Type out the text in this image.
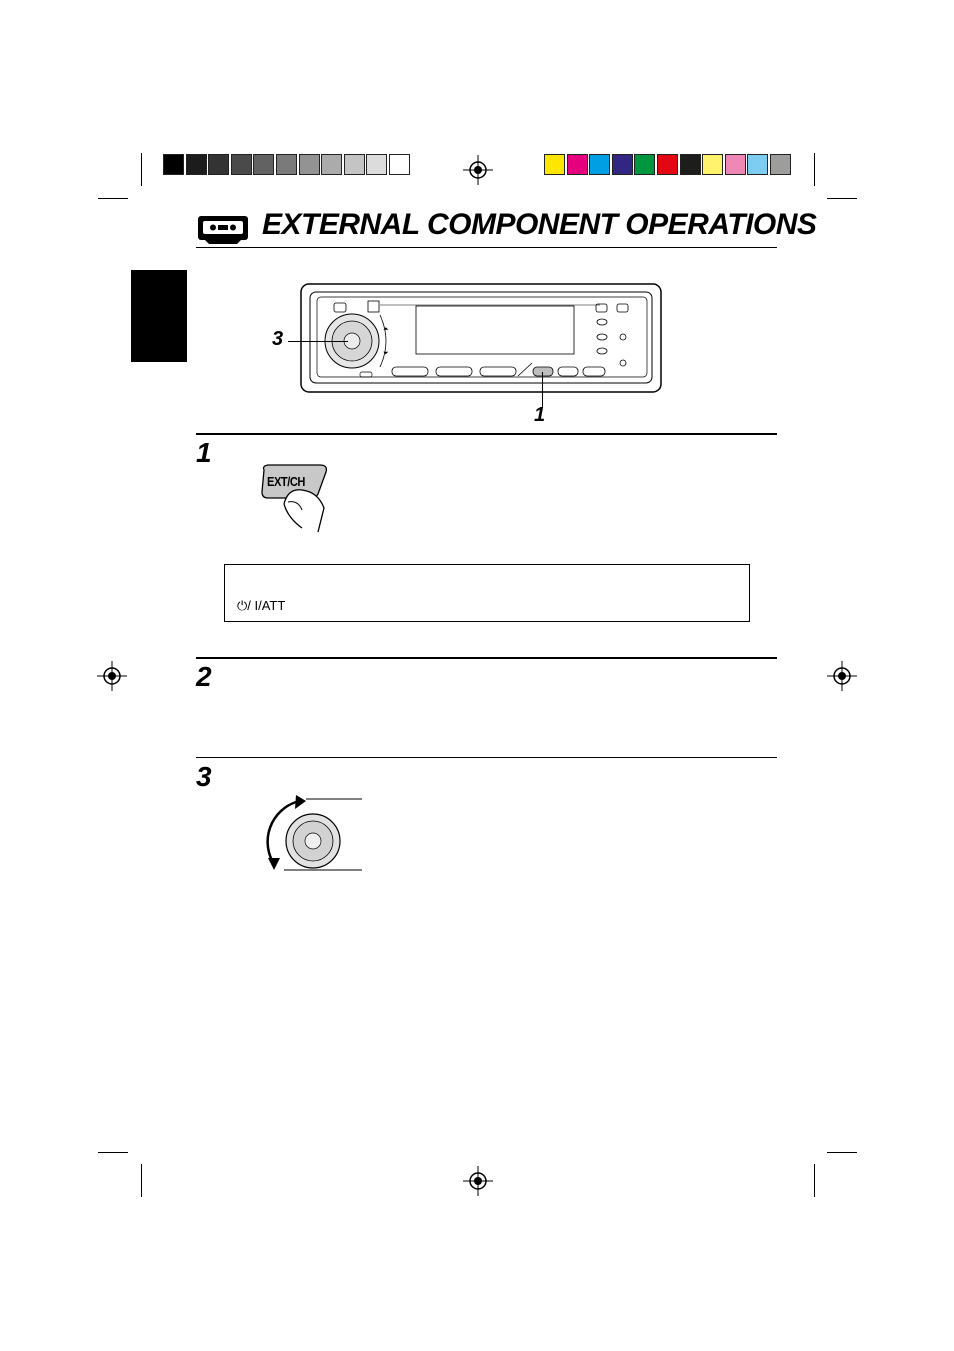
EXTERNAL COMPONENT OPERATIONS
⏶
⏷
3
1
1
EXT/CH
⏻/ I/ATT
2
3
